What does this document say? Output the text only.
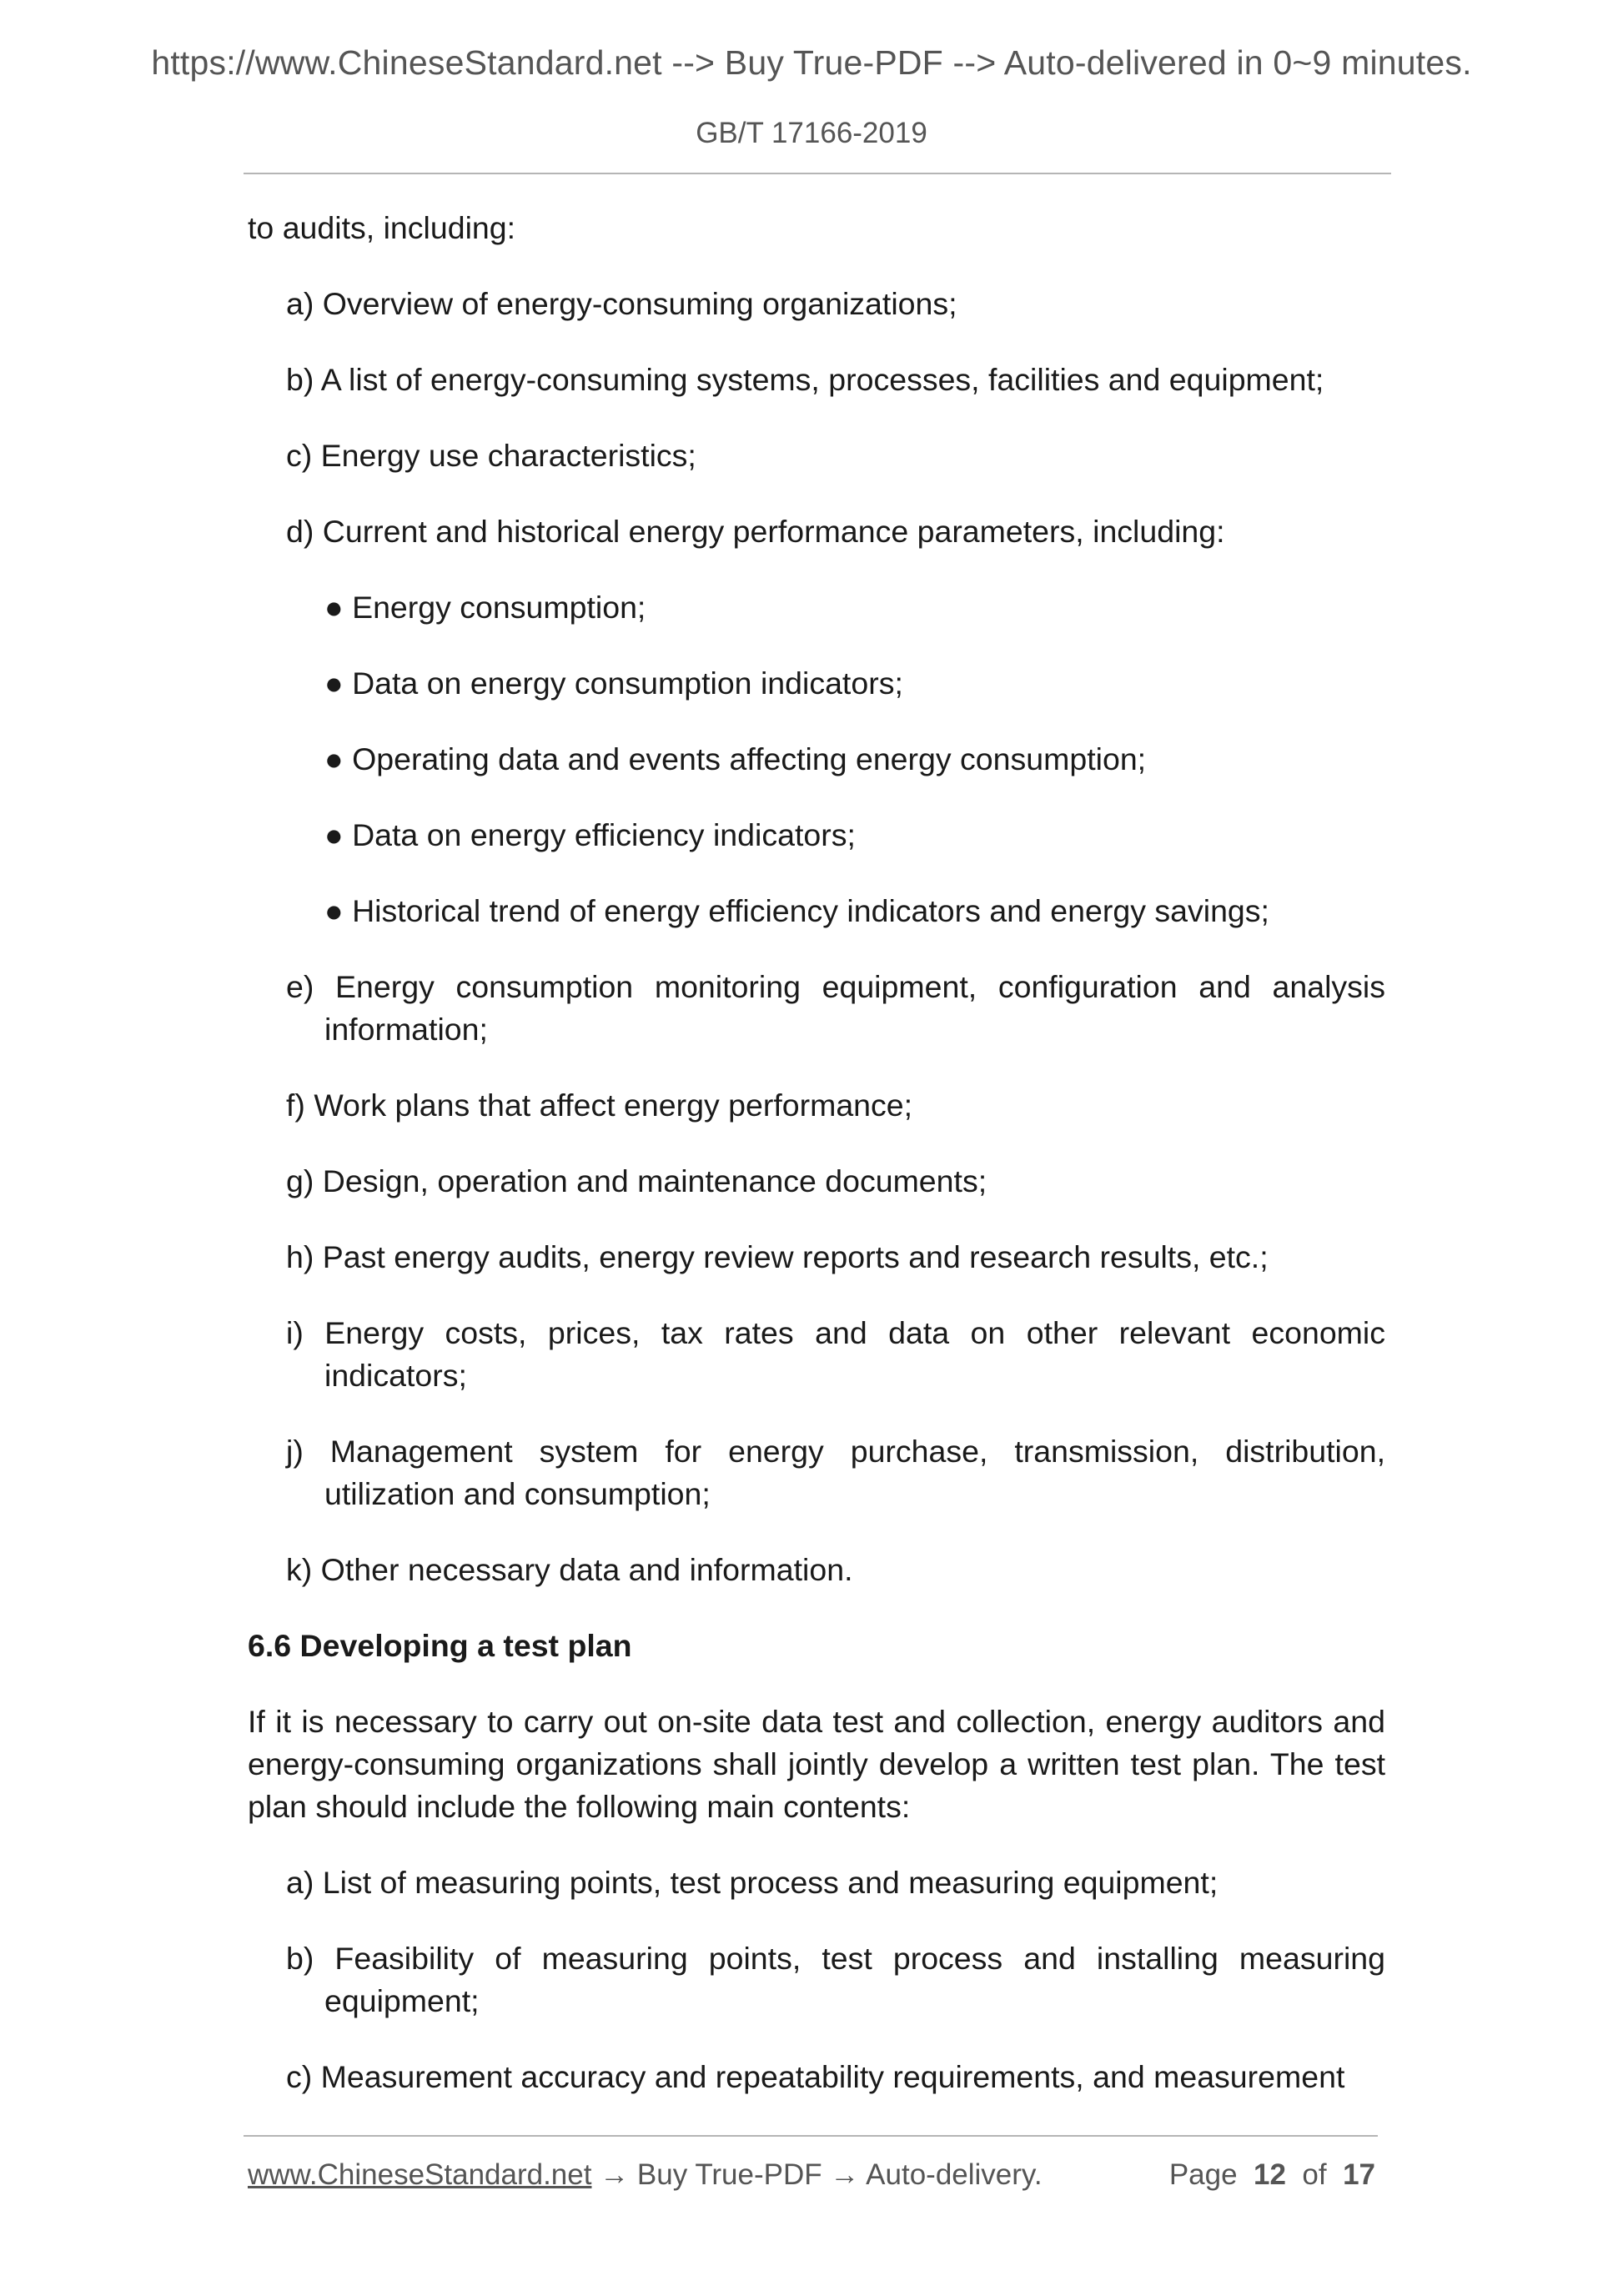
https://www.ChineseStandard.net --> Buy True-PDF --> Auto-delivered in 0~9 minutes.
GB/T 17166-2019

to audits, including:

a) Overview of energy-consuming organizations;

b) A list of energy-consuming systems, processes, facilities and equipment;

c) Energy use characteristics;

d) Current and historical energy performance parameters, including:

● Energy consumption;

● Data on energy consumption indicators;

● Operating data and events affecting energy consumption;

● Data on energy efficiency indicators;

● Historical trend of energy efficiency indicators and energy savings;

e) Energy consumption monitoring equipment, configuration and analysis information;

f) Work plans that affect energy performance;

g) Design, operation and maintenance documents;

h) Past energy audits, energy review reports and research results, etc.;

i) Energy costs, prices, tax rates and data on other relevant economic indicators;

j) Management system for energy purchase, transmission, distribution, utilization and consumption;

k) Other necessary data and information.

6.6 Developing a test plan

If it is necessary to carry out on-site data test and collection, energy auditors and energy-consuming organizations shall jointly develop a written test plan. The test plan should include the following main contents:

a) List of measuring points, test process and measuring equipment;

b) Feasibility of measuring points, test process and installing measuring equipment;

c) Measurement accuracy and repeatability requirements, and measurement

www.ChineseStandard.net → Buy True-PDF → Auto-delivery.	Page 12 of 17
